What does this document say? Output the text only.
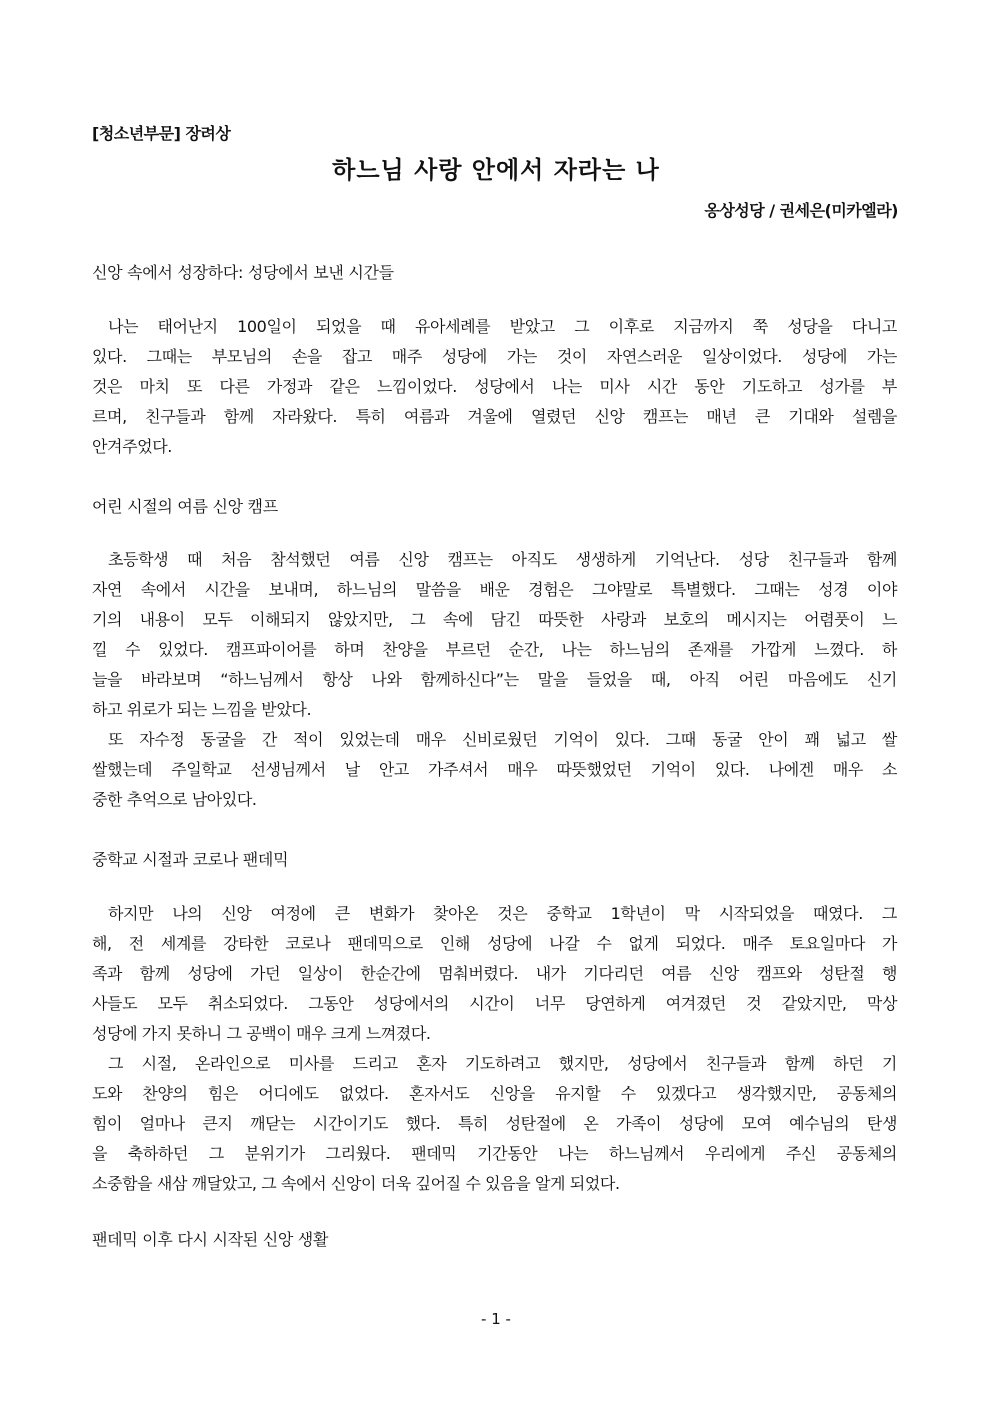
[청소년부문] 장려상
하느님 사랑 안에서 자라는 나
옹상성당 / 권세은(미카엘라)
신앙 속에서 성장하다: 성당에서 보낸 시간들
나는 태어난지 100일이 되었을 때 유아세례를 받았고 그 이후로 지금까지 쭉 성당을 다니고
있다. 그때는 부모님의 손을 잡고 매주 성당에 가는 것이 자연스러운 일상이었다. 성당에 가는
것은 마치 또 다른 가정과 같은 느낌이었다. 성당에서 나는 미사 시간 동안 기도하고 성가를 부
르며, 친구들과 함께 자라왔다. 특히 여름과 겨울에 열렸던 신앙 캠프는 매년 큰 기대와 설렘을
안겨주었다.
어린 시절의 여름 신앙 캠프
초등학생 때 처음 참석했던 여름 신앙 캠프는 아직도 생생하게 기억난다. 성당 친구들과 함께
자연 속에서 시간을 보내며, 하느님의 말씀을 배운 경험은 그야말로 특별했다. 그때는 성경 이야
기의 내용이 모두 이해되지 않았지만, 그 속에 담긴 따뜻한 사랑과 보호의 메시지는 어렴풋이 느
낄 수 있었다. 캠프파이어를 하며 찬양을 부르던 순간, 나는 하느님의 존재를 가깝게 느꼈다. 하
늘을 바라보며 “하느님께서 항상 나와 함께하신다”는 말을 들었을 때, 아직 어린 마음에도 신기
하고 위로가 되는 느낌을 받았다.
또 자수정 동굴을 간 적이 있었는데 매우 신비로웠던 기억이 있다. 그때 동굴 안이 꽤 넓고 쌀
쌀했는데 주일학교 선생님께서 날 안고 가주셔서 매우 따뜻했었던 기억이 있다. 나에겐 매우 소
중한 추억으로 남아있다.
중학교 시절과 코로나 팬데믹
하지만 나의 신앙 여정에 큰 변화가 찾아온 것은 중학교 1학년이 막 시작되었을 때였다. 그
해, 전 세계를 강타한 코로나 팬데믹으로 인해 성당에 나갈 수 없게 되었다. 매주 토요일마다 가
족과 함께 성당에 가던 일상이 한순간에 멈춰버렸다. 내가 기다리던 여름 신앙 캠프와 성탄절 행
사들도 모두 취소되었다. 그동안 성당에서의 시간이 너무 당연하게 여겨졌던 것 같았지만, 막상
성당에 가지 못하니 그 공백이 매우 크게 느껴졌다.
그 시절, 온라인으로 미사를 드리고 혼자 기도하려고 했지만, 성당에서 친구들과 함께 하던 기
도와 찬양의 힘은 어디에도 없었다. 혼자서도 신앙을 유지할 수 있겠다고 생각했지만, 공동체의
힘이 얼마나 큰지 깨닫는 시간이기도 했다. 특히 성탄절에 온 가족이 성당에 모여 예수님의 탄생
을 축하하던 그 분위기가 그리웠다. 팬데믹 기간동안 나는 하느님께서 우리에게 주신 공동체의
소중함을 새삼 깨달았고, 그 속에서 신앙이 더욱 깊어질 수 있음을 알게 되었다.
팬데믹 이후 다시 시작된 신앙 생활
- 1 -
